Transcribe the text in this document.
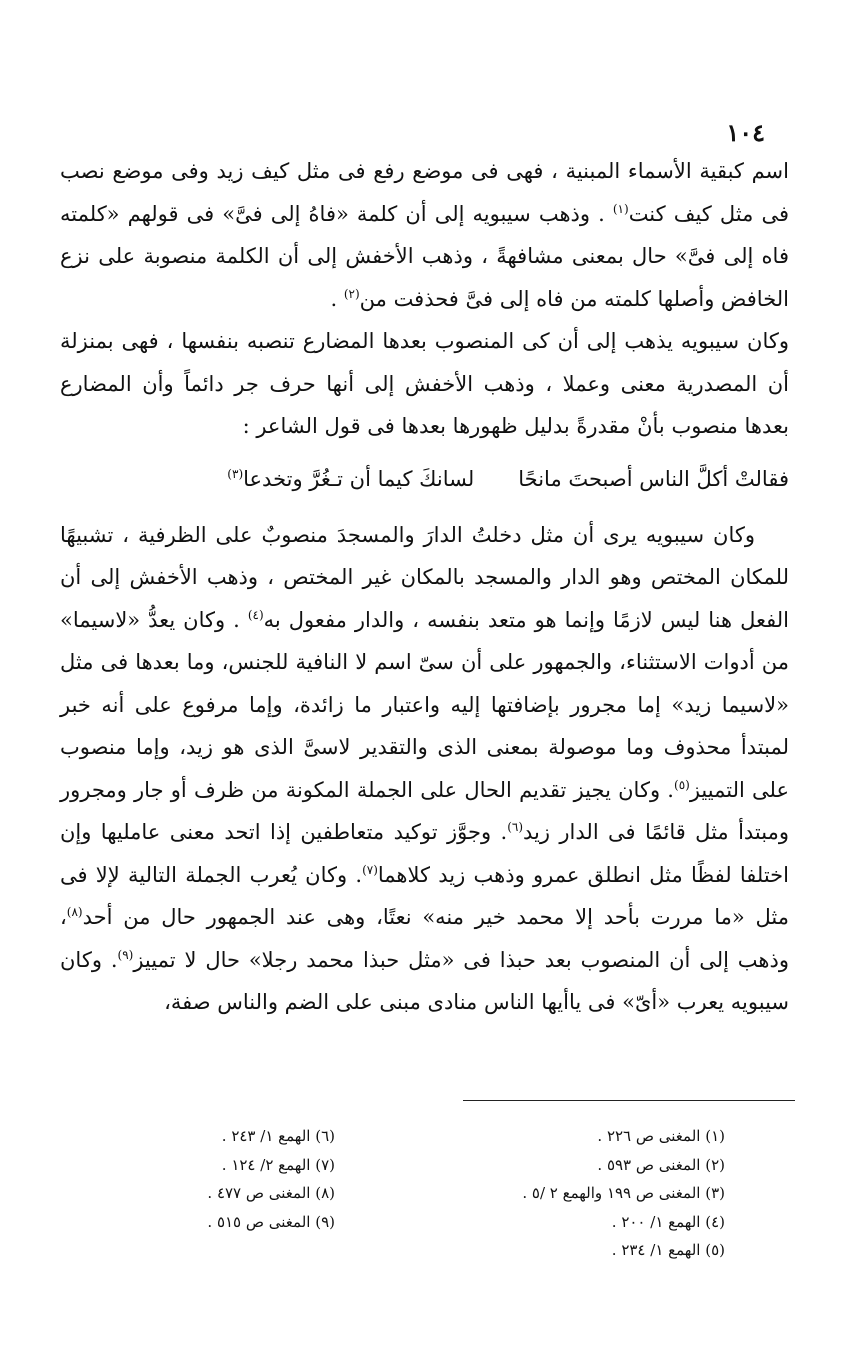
١٠٤

اسم كبقية الأسماء المبنية ، فهى فى موضع رفع فى مثل كيف زيد وفى موضع نصب فى مثل كيف كنت$^{(١)}$ . وذهب سيبويه إلى أن كلمة «فاهُ إلى فىَّ» فى قولهم «كلمته فاه إلى فىَّ» حال بمعنى مشافهةً ، وذهب الأخفش إلى أن الكلمة منصوبة على نزع الخافض وأصلها كلمته من فاه إلى فىَّ فحذفت من$^{(٢)}$ .

وكان سيبويه يذهب إلى أن كى المنصوب بعدها المضارع تنصبه بنفسها ، فهى بمنزلة أن المصدرية معنى وعملا ، وذهب الأخفش إلى أنها حرف جر دائماً وأن المضارع بعدها منصوب بأنْ مقدرةً بدليل ظهورها بعدها فى قول الشاعر :

فقالتْ أكلَّ الناس أصبحتَ مانحًا
لسانكَ كيما أن تـغُرَّ وتخدعا$^{(٣)}$

وكان سيبويه يرى أن مثل دخلتُ الدارَ والمسجدَ منصوبٌ على الظرفية ، تشبيهًا للمكان المختص وهو الدار والمسجد بالمكان غير المختص ، وذهب الأخفش إلى أن الفعل هنا ليس لازمًا وإنما هو متعد بنفسه ، والدار مفعول به$^{(٤)}$ . وكان يعدُّ «لاسيما» من أدوات الاستثناء، والجمهور على أن سىّ اسم لا النافية للجنس، وما بعدها فى مثل «لاسيما زيد» إما مجرور بإضافتها إليه واعتبار ما زائدة، وإما مرفوع على أنه خبر لمبتدأ محذوف وما موصولة بمعنى الذى والتقدير لاسىَّ الذى هو زيد، وإما منصوب على التمييز$^{(٥)}$. وكان يجيز تقديم الحال على الجملة المكونة من ظرف أو جار ومجرور ومبتدأ مثل قائمًا فى الدار زيد$^{(٦)}$. وجوَّز توكيد متعاطفين إذا اتحد معنى عامليها وإن اختلفا لفظًا مثل انطلق عمرو وذهب زيد كلاهما$^{(٧)}$. وكان يُعرب الجملة التالية لإلا فى مثل «ما مررت بأحد إلا محمد خير منه» نعتًا، وهى عند الجمهور حال من أحد$^{(٨)}$، وذهب إلى أن المنصوب بعد حبذا فى «مثل حبذا محمد رجلا» حال لا تمييز$^{(٩)}$. وكان سيبويه يعرب «أىّ» فى ياأيها الناس منادى مبنى على الضم والناس صفة،

(١) المغنى ص ٢٢٦ .
(٢) المغنى ص ٥٩٣ .
(٣) المغنى ص ١٩٩ والهمع ٢ /٥ .
(٤) الهمع ١/ ٢٠٠ .
(٥) الهمع ١/ ٢٣٤ .
(٦) الهمع ١/ ٢٤٣ .
(٧) الهمع ٢/ ١٢٤ .
(٨) المغنى ص ٤٧٧ .
(٩) المغنى ص ٥١٥ .
